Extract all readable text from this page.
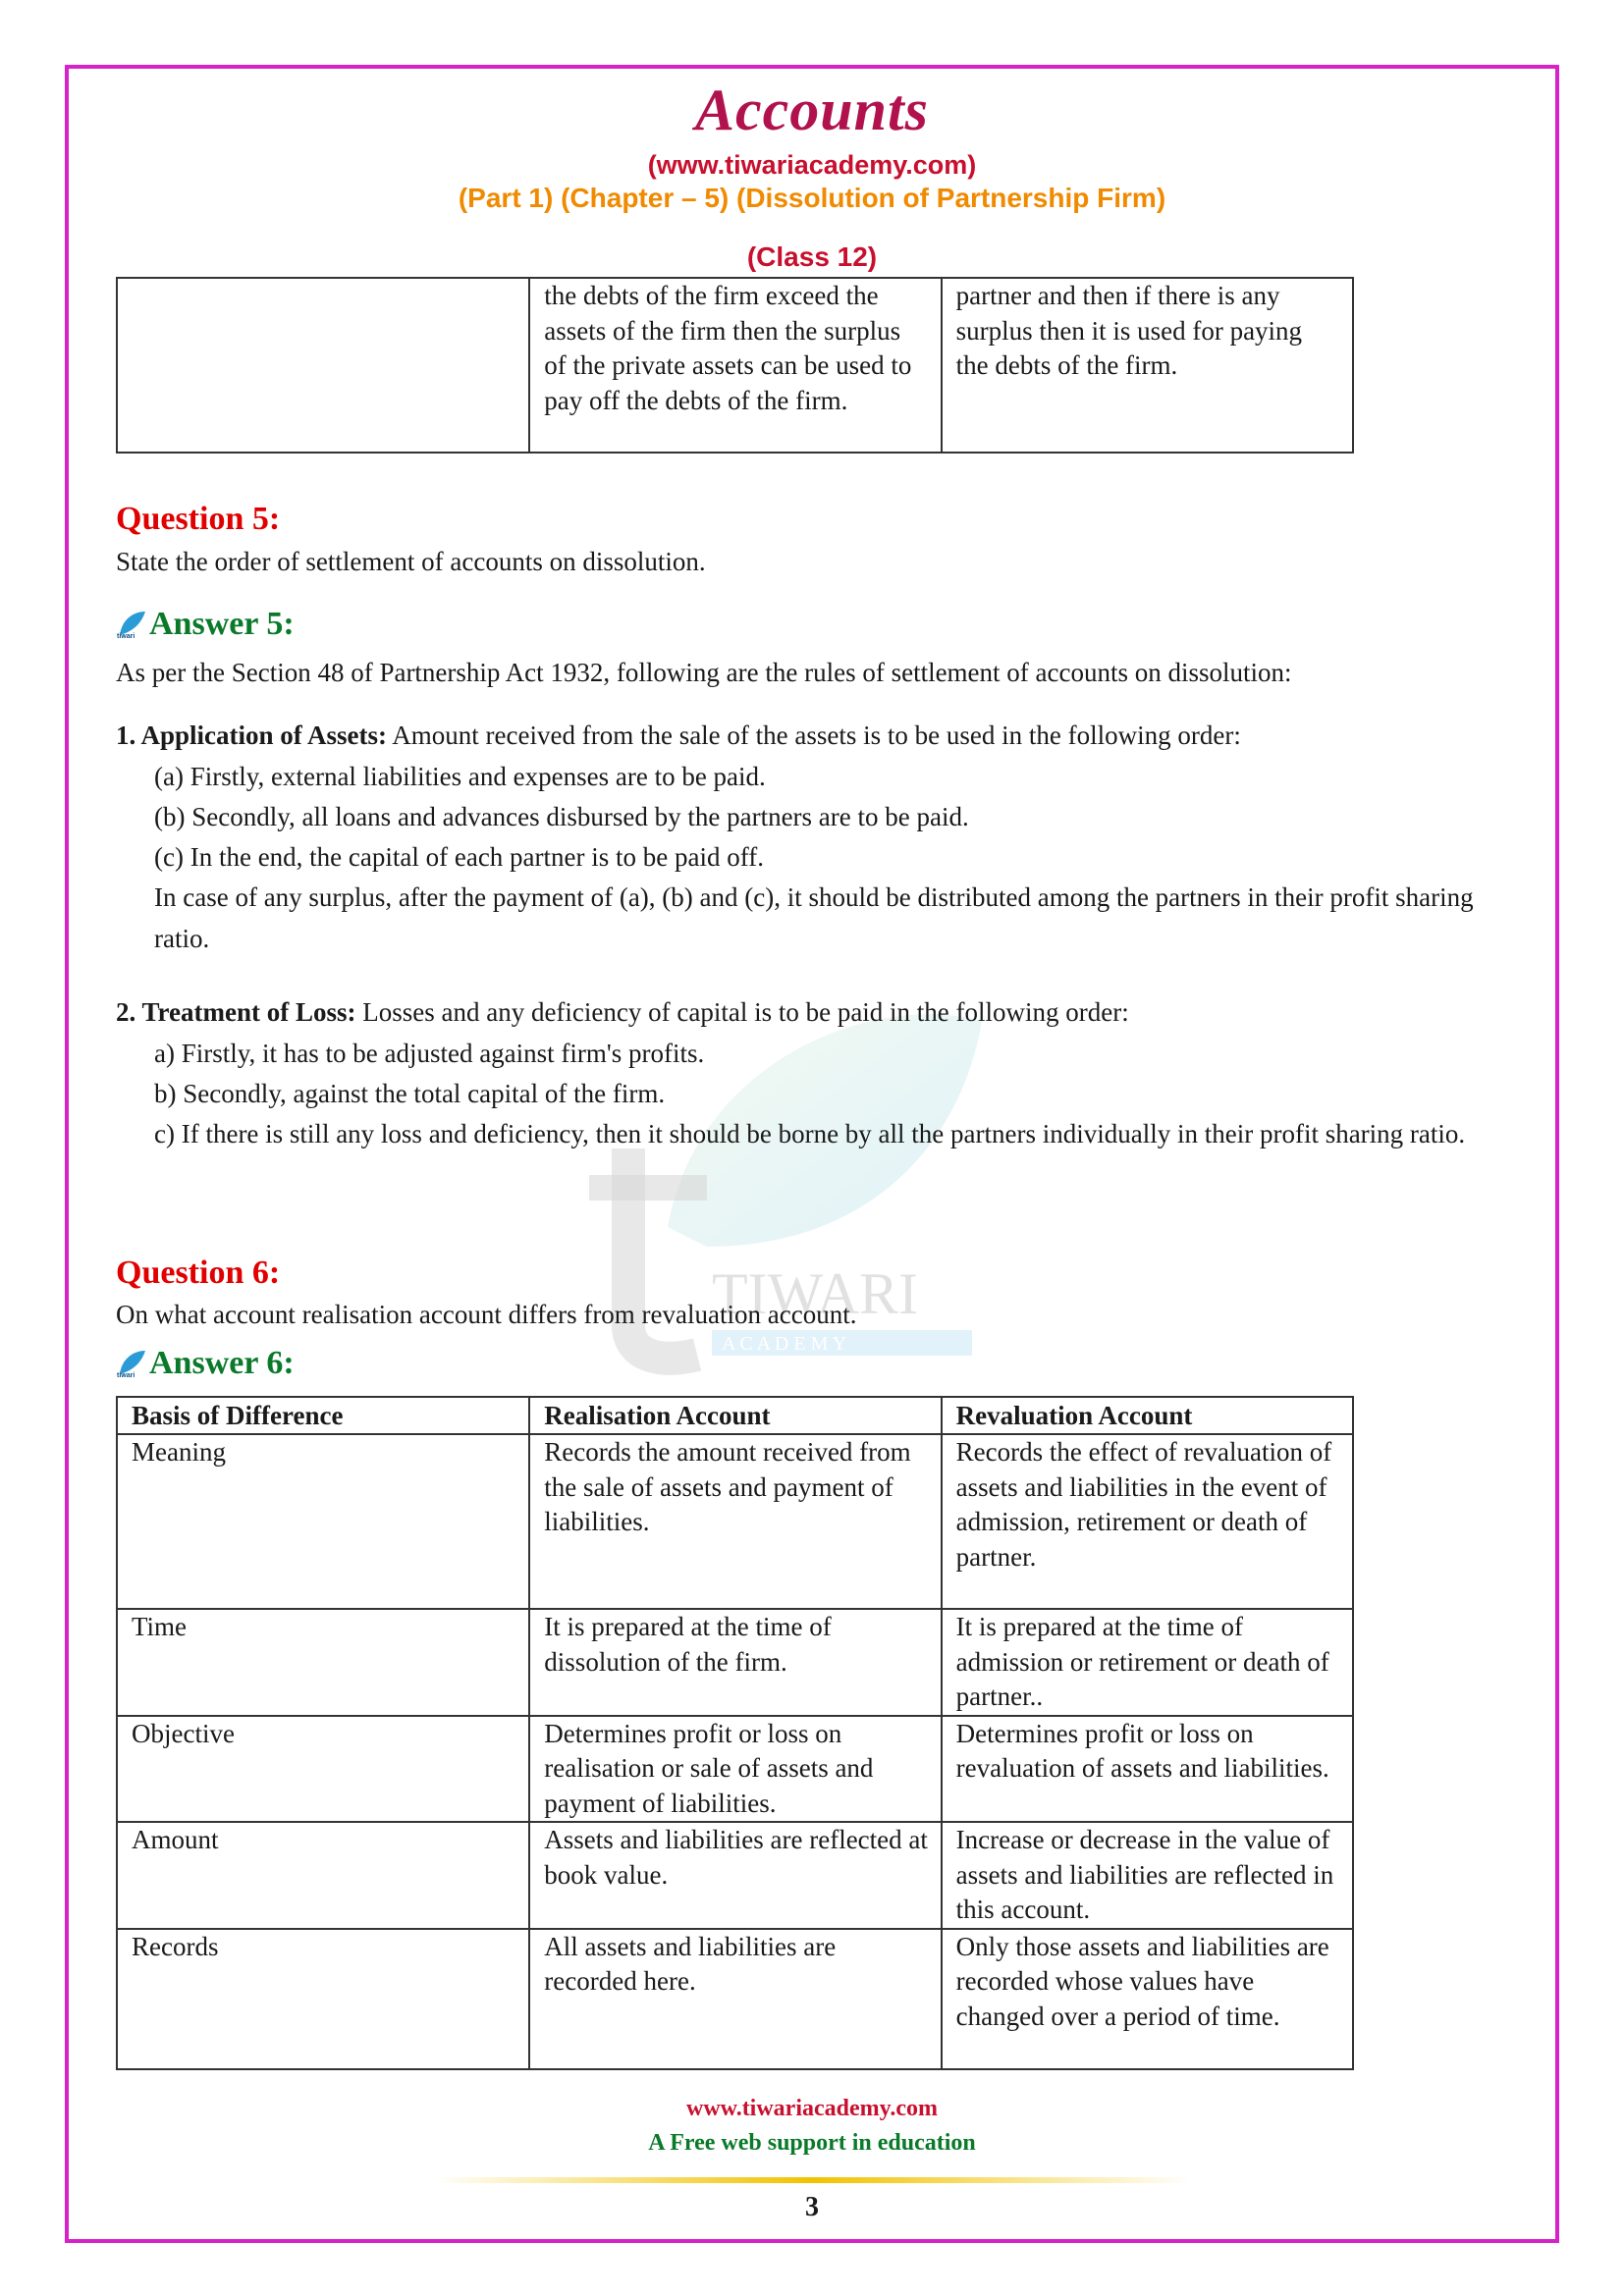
TIWARI
A C A D E M Y
Accounts
(www.tiwariacademy.com)
(Part 1) (Chapter – 5) (Dissolution of Partnership Firm)
(Class 12)
	the debts of the firm exceed the assets of the firm then the surplus of the private assets can be used to pay off the debts of the firm.	partner and then if there is any surplus then it is used for paying the debts of the firm.
Question 5:
State the order of settlement of accounts on dissolution.
tiwari Answer 5:
As per the Section 48 of Partnership Act 1932, following are the rules of settlement of accounts on dissolution:
1. Application of Assets: Amount received from the sale of the assets is to be used in the following order:
(a) Firstly, external liabilities and expenses are to be paid.
(b) Secondly, all loans and advances disbursed by the partners are to be paid.
(c) In the end, the capital of each partner is to be paid off.
In case of any surplus, after the payment of (a), (b) and (c), it should be distributed among the partners in their profit sharing ratio.
2. Treatment of Loss: Losses and any deficiency of capital is to be paid in the following order:
a) Firstly, it has to be adjusted against firm's profits.
b) Secondly, against the total capital of the firm.
c) If there is still any loss and deficiency, then it should be borne by all the partners individually in their profit sharing ratio.
Question 6:
On what account realisation account differs from revaluation account.
tiwari Answer 6:
Basis of Difference	Realisation Account	Revaluation Account
Meaning	Records the amount received from the sale of assets and payment of liabilities.	Records the effect of revaluation of assets and liabilities in the event of admission, retirement or death of partner.
Time	It is prepared at the time of dissolution of the firm.	It is prepared at the time of admission or retirement or death of partner..
Objective	Determines profit or loss on realisation or sale of assets and payment of liabilities.	Determines profit or loss on revaluation of assets and liabilities.
Amount	Assets and liabilities are reflected at book value.	Increase or decrease in the value of assets and liabilities are reflected in this account.
Records	All assets and liabilities are recorded here.	Only those assets and liabilities are recorded whose values have changed over a period of time.
www.tiwariacademy.com
A Free web support in education
3
